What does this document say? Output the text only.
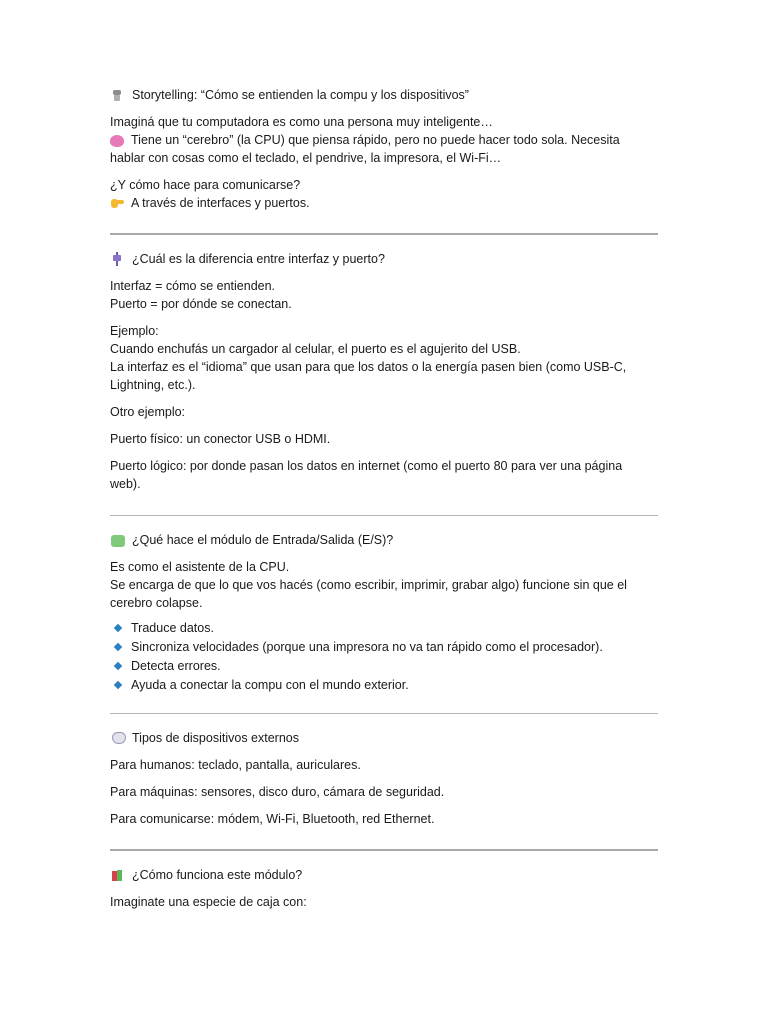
Storytelling: “Cómo se entienden la compu y los dispositivos”

Imaginá que tu computadora es como una persona muy inteligente…

Tiene un “cerebro” (la CPU) que piensa rápido, pero no puede hacer todo sola. Necesita

hablar con cosas como el teclado, el pendrive, la impresora, el Wi-Fi…

¿Y cómo hace para comunicarse?

A través de interfaces y puertos.

¿Cuál es la diferencia entre interfaz y puerto?

Interfaz = cómo se entienden.

Puerto = por dónde se conectan.

Ejemplo:

Cuando enchufás un cargador al celular, el puerto es el agujerito del USB.

La interfaz es el “idioma” que usan para que los datos o la energía pasen bien (como USB-C,

Lightning, etc.).

Otro ejemplo:

Puerto físico: un conector USB o HDMI.

Puerto lógico: por donde pasan los datos en internet (como el puerto 80 para ver una página

web).

¿Qué hace el módulo de Entrada/Salida (E/S)?

Es como el asistente de la CPU.

Se encarga de que lo que vos hacés (como escribir, imprimir, grabar algo) funcione sin que el

cerebro colapse.

Traduce datos.
Sincroniza velocidades (porque una impresora no va tan rápido como el procesador).
Detecta errores.
Ayuda a conectar la compu con el mundo exterior.
Tipos de dispositivos externos

Para humanos: teclado, pantalla, auriculares.

Para máquinas: sensores, disco duro, cámara de seguridad.

Para comunicarse: módem, Wi-Fi, Bluetooth, red Ethernet.

¿Cómo funciona este módulo?

Imaginate una especie de caja con:
